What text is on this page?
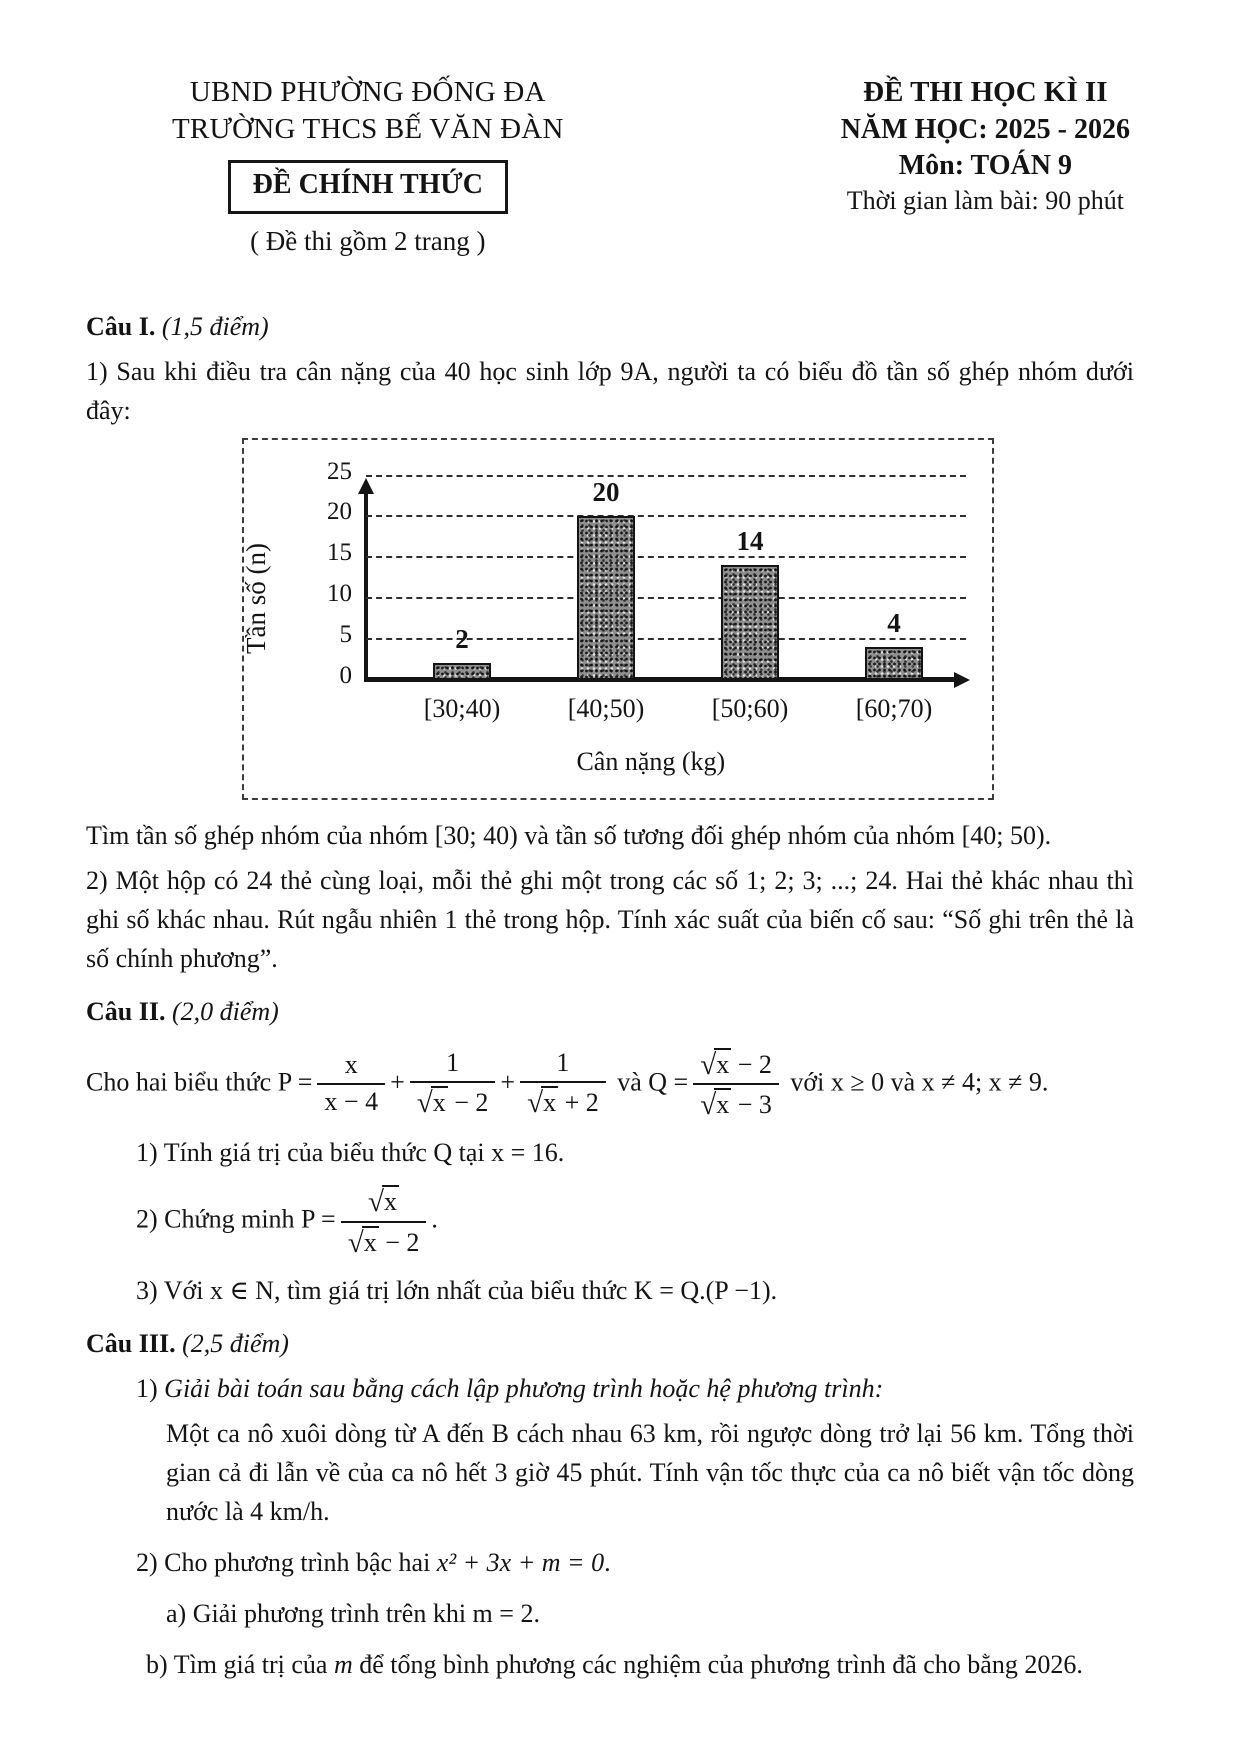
UBND PHƯỜNG ĐỐNG ĐA
TRƯỜNG THCS BẾ VĂN ĐÀN
ĐỀ CHÍNH THỨC
( Đề thi gồm 2 trang )
ĐỀ THI HỌC KÌ II
NĂM HỌC: 2025 - 2026
Môn: TOÁN 9
Thời gian làm bài: 90 phút

Câu I. (1,5 điểm)

1) Sau khi điều tra cân nặng của 40 học sinh lớp 9A, người ta có biểu đồ tần số ghép nhóm dưới đây:

Tần số (n)
Cân nặng (kg)
0
5
10
15
20
25
2
[30;40)
20
[40;50)
14
[50;60)
4
[60;70)

Tìm tần số ghép nhóm của nhóm [30; 40) và tần số tương đối ghép nhóm của nhóm [40; 50).

2) Một hộp có 24 thẻ cùng loại, mỗi thẻ ghi một trong các số 1; 2; 3; ...; 24. Hai thẻ khác nhau thì ghi số khác nhau. Rút ngẫu nhiên 1 thẻ trong hộp. Tính xác suất của biến cố sau: “Số ghi trên thẻ là số chính phương”.

Câu II. (2,0 điểm)

Cho hai biểu thức $P = \frac{x}{x - 4} + \frac{1}{√x - 2} + \frac{1}{√x + 2}$ và $Q = \frac{√x - 2}{√x - 3}$ với x ≥ 0 và x ≠ 4; x ≠ 9.

1) Tính giá trị của biểu thức Q tại x = 16.

2) Chứng minh $P = \frac{√x}{√x - 2}$ .

3) Với x ∈ N, tìm giá trị lớn nhất của biểu thức K = Q.(P −1).

Câu III. (2,5 điểm)

1) Giải bài toán sau bằng cách lập phương trình hoặc hệ phương trình:

Một ca nô xuôi dòng từ A đến B cách nhau 63 km, rồi ngược dòng trở lại 56 km. Tổng thời gian cả đi lẫn về của ca nô hết 3 giờ 45 phút. Tính vận tốc thực của ca nô biết vận tốc dòng nước là 4 km/h.

2) Cho phương trình bậc hai x² + 3x + m = 0.

a) Giải phương trình trên khi m = 2.

b) Tìm giá trị của m để tổng bình phương các nghiệm của phương trình đã cho bằng 2026.
